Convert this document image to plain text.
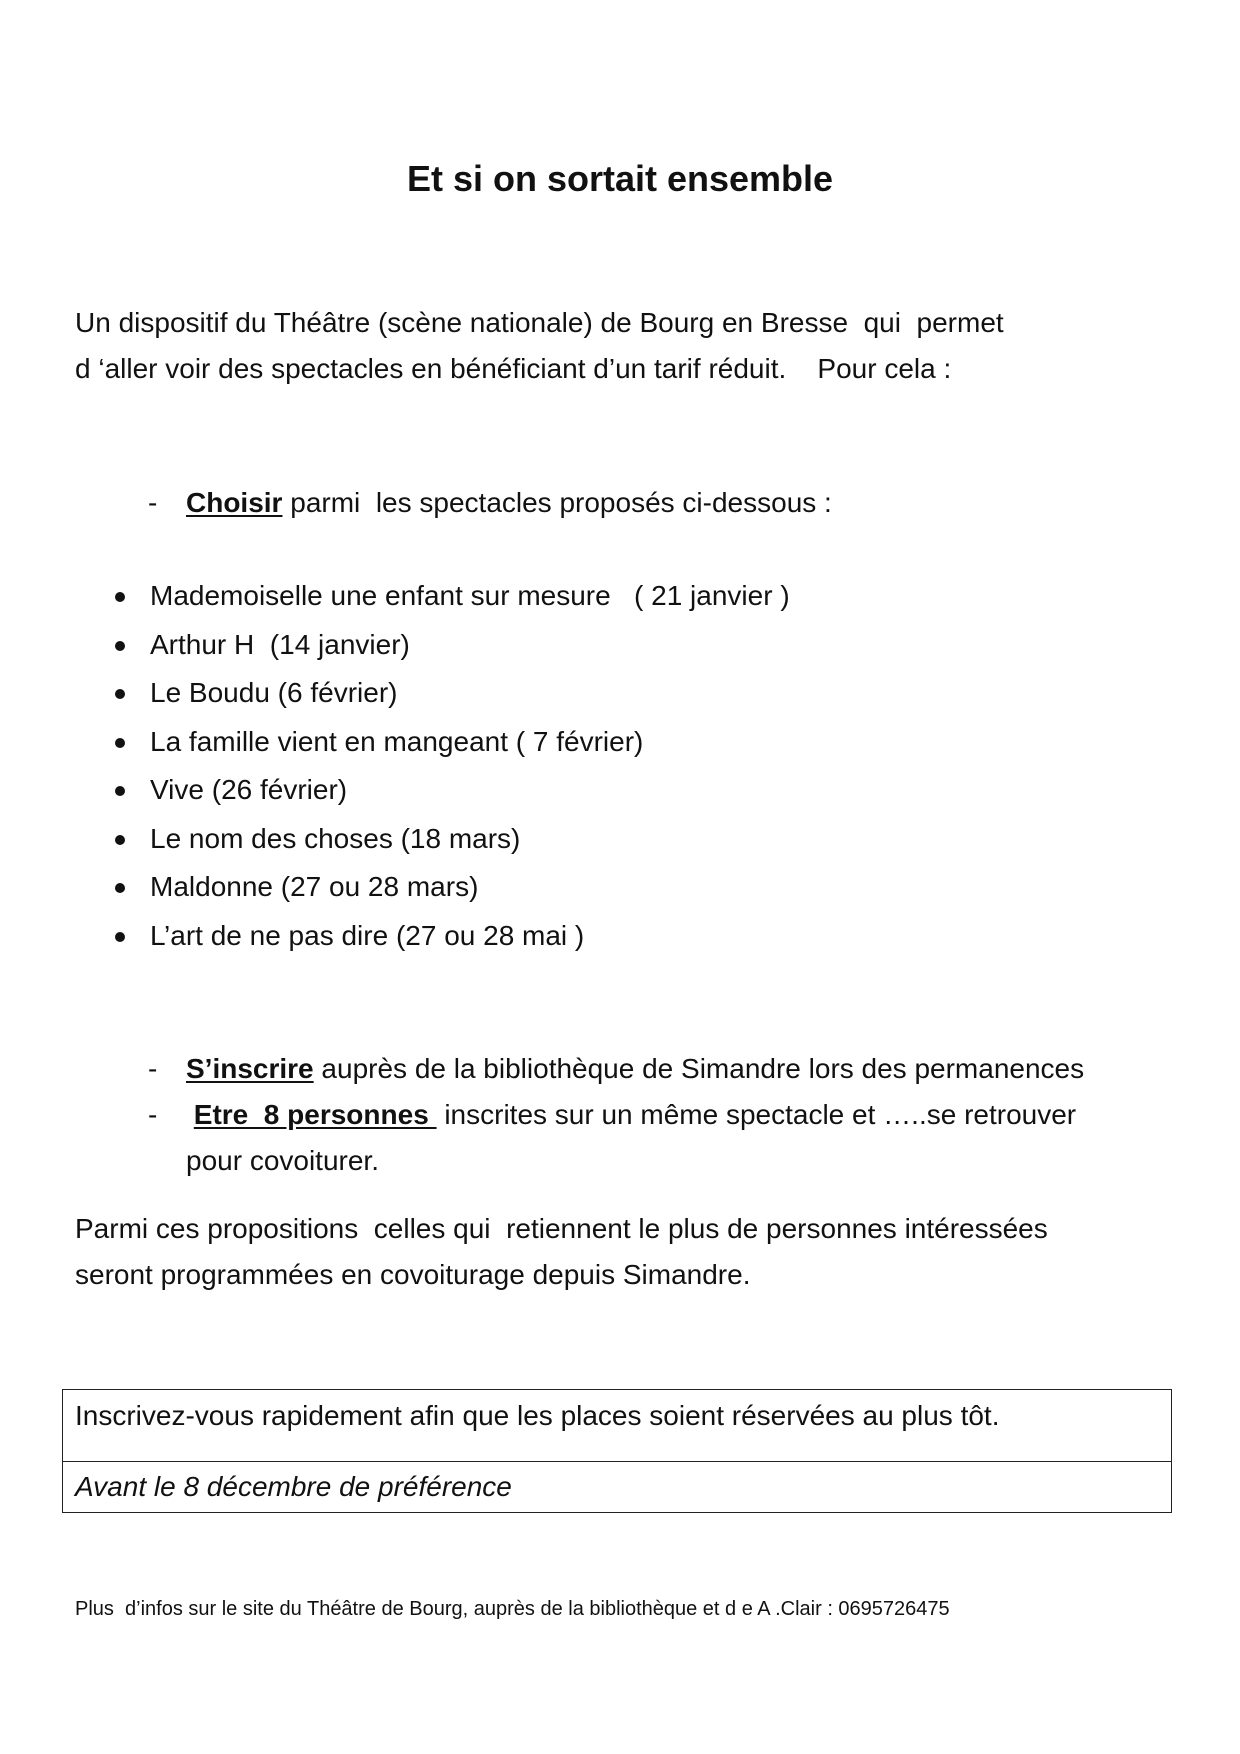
Et si on sortait ensemble

Un dispositif du Théâtre (scène nationale) de Bourg en Bresse  qui  permet
d ‘aller voir des spectacles en bénéficiant d’un tarif réduit.    Pour cela :

- Choisir parmi  les spectacles proposés ci-dessous :

Mademoiselle une enfant sur mesure   ( 21 janvier )
Arthur H  (14 janvier)
Le Boudu (6 février)
La famille vient en mangeant ( 7 février)
Vive (26 février)
Le nom des choses (18 mars)
Maldonne (27 ou 28 mars)
L’art de ne pas dire (27 ou 28 mai )

- S’inscrire auprès de la bibliothèque de Simandre lors des permanences

- Etre  8 personnes  inscrites sur un même spectacle et …..se retrouver
pour covoiturer.

Parmi ces propositions  celles qui  retiennent le plus de personnes intéressées
seront programmées en covoiturage depuis Simandre.

Inscrivez-vous rapidement afin que les places soient réservées au plus tôt.
Avant le 8 décembre de préférence

Plus  d’infos sur le site du Théâtre de Bourg, auprès de la bibliothèque et d e A .Clair : 0695726475
